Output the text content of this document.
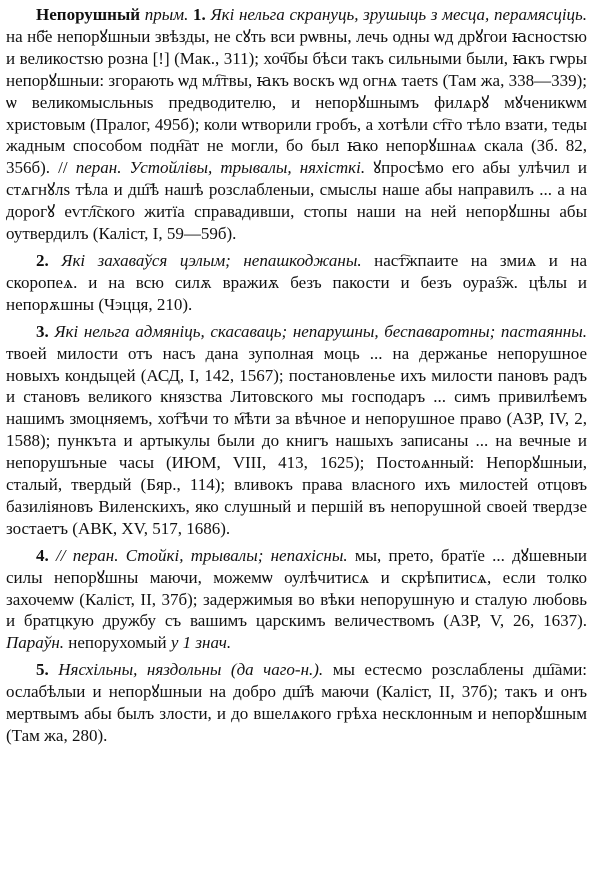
Непорушный прым. 1. Які нельга скрануць, зрушыць з месца, перамясціць. на нб҃е непорꙋшныи звѣзды, не сꙋть вси рѡвны, лечь одны ѡд дрꙋгои ꙗсностѕю и великостѕю розна [!] (Мак., 311); хоч҇бы бѣси такъ сильными были, ꙗкъ гѡры непорꙋшныи: згорають ѡд мл҇твы, ꙗкъ воскъ ѡд огнѧ таетѕ (Там жа, 338—339); ѡ великомысльныѕ предводителю, и непорꙋшнымъ филѧрꙋ мꙋченикѡм христовым (Пралог, 495б); коли ѡтворили гробъ, а хотѣли ст҇го тѣло взати, теды жадным способом подн҇ат не могли, бо был ꙗко непорꙋшнаѧ скала (Зб. 82, 356б). // перан. Устойлівы, трывалы, няхісткі. ꙋпросѣмо его абы улѣчил и стѧгнꙋлѕ тѣла и дш҇ѣ нашѣ розслабленыи, смыслы наше абы направилъ ... а на дорогꙋ еѵгл҇ского житїа справадивши, стопы наши на ней непорꙋшны абы оутвердилъ (Каліст, I, 59—59б).

2. Які захаваўся цэлым; непашкоджаны. наст҇жпаите на змиѧ и на скоропеѧ. и на всю силѫ вражиѫ безъ пакости и безъ оураз҇ж. цѣлы и непорѫшны (Чэцця, 210).

3. Які нельга адмяніць, скасаваць; непарушны, беспаваротны; пастаянны. твоей милости отъ насъ дана зуполная моць ... на держанье непорушное новыхъ кондыцей (АСД, I, 142, 1567); постановленье ихъ милости пановъ радъ и становъ великого князства Литовского мы господаръ ... симъ привилѣемъ нашимъ змоцняемъ, хот҇ѣчи то м҇ѣти за вѣчное и непорушное право (АЗР, IV, 2, 1588); пункъта и артыкулы были до книгъ нашыхъ записаны ... на вечные и непорушъные часы (ИЮМ, VIII, 413, 1625); Постоѧнный: Непорꙋшныи, сталый, твердый (Бяр., 114); вливокъ права власного ихъ милостей отцовъ базиліяновъ Виленскихъ, яко слушный и першій въ непорушной своей твердзе зостаетъ (АВК, XV, 517, 1686).

4. // перан. Стойкі, трывалы; непахісны. мы, прето, братїе ... дꙋшевныи силы непорꙋшны маючи, можемѡ оулѣчитисѧ и скрѣпитисѧ, если толко захочемѡ (Каліст, II, 37б); задержимыя во вѣки непорушную и сталую любовь и братцкую дружбу съ вашимъ царскимъ величествомъ (АЗР, V, 26, 1637). Параўн. непорухомый у 1 знач.

5. Нясхільны, няздольны (да чаго-н.). мы естесмо розслаблены дш҇ами: ослабѣлыи и непорꙋшныи на добро дш҇ѣ маючи (Каліст, II, 37б); такъ и онъ мертвымъ абы былъ злости, и до вшелѧкого грѣха несклонным и непорꙋшным (Там жа, 280).
